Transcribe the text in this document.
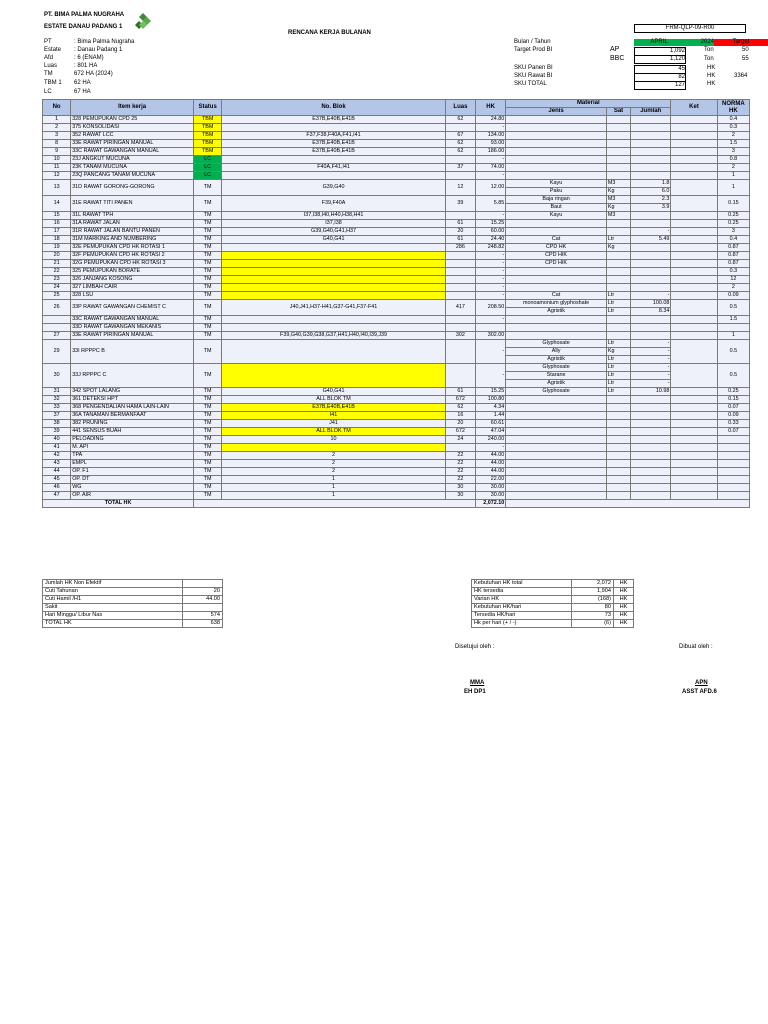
PT. BIMA PALMA NUGRAHA
ESTATE DANAU PADANG 1
RENCANA KERJA BULANAN
FRM-QLP-09-R00
PT	: Bima Palma Nugraha
Estate : Danau Padang 1
Afd	: 6 (ENAM)
Luas	: 801 HA
TM	672 HA (2024)
TBM 1 62 HA
LC	67 HA
Bulan / Tahun	APRIL	2024	Target
Target Prod BI	AP	1,092	Ton	50
BBC	1,120	Ton	55
SKU Panen BI	45	HK
SKU Rawat BI	82	HK	3364
SKU TOTAL	127	HK
No	Item kerja	Status	No. Blok	Luas	HK	Material			Ket	NORMA HK
						Jenis	Sat	Jumlah		
1	328 PEMUPUKAN CPD 25	TBM	E37B,E40B,E41B	62	24.80					0.4
2	375 KONSOLIDASI	TBM			-					0.3
3	352 RAWAT LCC	TBM	F37,F38,F40A,F41,I41	67	134.00					2
8	33E RAWAT PIRINGAN MANUAL	TBM	E37B,E40B,E41B	62	93.00					1.5
9	33C RAWAT GAWANGAN MANUAL	TBM	E37B,E40B,E41B	62	186.00					3
10	23J ANGKUT MUCUNA	LC			-					0.8
11	23K TANAM MUCUNA	LC	F40A,F41,I41	37	74.00					2
12	23Q PANCANG TANAM MUCUNA	LC			-					1
13	31D RAWAT GORONG-GORONG	TM	G39,G40	12	12.00	Kayu	M3	1.8		1
						Paku	Kg	6.0		
14	31E RAWAT TITI PANEN	TM	F39,F40A	39	5.85	Baja ringan	M3	2.3		0.15
						Baut	Kg	3.9		
15	31L RAWAT TPH	TM	I37,I38,I40,H40,H38,H41		-	Kayu	M3			0.25
16	31A RAWAT JALAN	TM	I37,I38	61	15.25					0.25
17	31R RAWAT JALAN BANTU PANEN	TM	G39,G40,G41,H37	20	60.00			-		3
18	31M MARKING AND NUMBERING	TM	G40,G41	61	24.40	Cat	Ltr	5.49		0.4
19	32E PEMUPUKAN CPD HK ROTASI 1	TM		286	248.82	CPD HK	Kg			0.87
20	32F PEMUPUKAN CPD HK ROTASI 2	TM			-	CPD HIK				0.87
21	32G PEMUPUKAN CPD HK ROTASI 3	TM			-	CPD HIK				0.87
22	325 PEMUPUKAN BORATE	TM			-					0.3
23	326 JANJANG KOSONG	TM			-					12
24	327 LIMBAH CAIR	TM			-					2
25	328 LSU	TM			-	Cat	Ltr	-		0.09
26	33P RAWAT GAWANGAN CHEMIST C	TM	J40,J41,H37-H41,G37-G41,F37-F41	417	208.50	monoamonium glyphoshate	Ltr	100.08		0.5
						Agristik	Ltr	8.34		
	33C RAWAT GAWANGAN MANUAL	TM			-					1.5
	33D RAWAT GAWANGAN MEKANIS	TM								
27	33E RAWAT PIRINGAN MANUAL	TM	F39,G40,G39,G38,G37,H41,H40,I40,I39,J39	302	302.00					1
29	33I RPPPC B	TM			-	Glyphosate	Ltr	-		0.5
						Ally	Kg	-		
						Agristik	Ltr	-		
30	33J RPPPC C	TM			-	Glyphosate	Ltr	-		0.5
						Starane	Ltr	-		
						Agristik	Ltr	-		
31	342 SPOT LALANG	TM	G40,G41	61	15.25	Glyphosate	Ltr	10.98		0.25
32	361 DETEKSI HPT	TM	ALL BLOK TM	672	100.80					0.15
33	368 PENGENDALIAN HAMA LAIN-LAIN	TM	E37B,E40B,E41B	62	4.34					0.07
37	36A TANAMAN BERMANFAAT	TM	I41	16	1.44					0.09
38	382 PRUNING	TM	J41	20	60.61					0.33
39	441 SENSUS BUAH	TM	ALL BLOK TM	672	47.04					0.07
40	PELOADING	TM	10	24	240.00					
41	M. API	TM			-					
42	TPA	TM	2	22	44.00					
43	EMPL	TM	2	22	44.00					
44	OP. F1	TM	2	22	44.00					
45	OP. DT	TM	1	22	22.00					
46	WG	TM	1	30	30.00					
47	OP. AIR	TM	1	30	30.00					
TOTAL HK					2,072.10					
Jumlah HK Non Efektif	
Cuti Tahunan	20
Cuti Hamil /H1	44.00
Sakit	
Hari Minggu/ Libur Nas	574
TOTAL HK	638
Kebutuhan HK total	2,072	HK
HK tersedia	1,904	HK
Varian HK	(168)	HK
Kebutuhan HK/hari	80	HK
Tersedia HK/hari	73	HK
Hk per hari (+ / -)	(6)	HK
Disetujui oleh :	Dibuat oleh :
MMA
EH DP1
APN
ASST AFD.6
